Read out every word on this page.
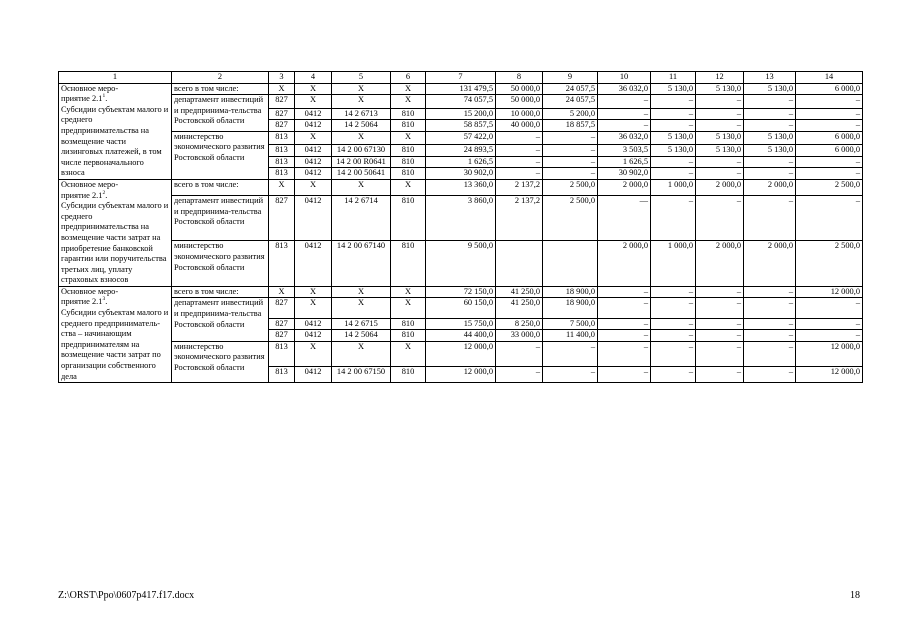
1	2	3	4	5	6	7	8	9	10	11	12	13	14
Основное меро-
приятие $2.1^1$.
Субсидии субъектам малого и среднего предпринимательства на возмещение части лизинговых платежей, в том числе первоначального взноса	всего в том числе:	X	X	X	X	131 479,5	50 000,0	24 057,5	36 032,0	5 130,0	5 130,0	5 130,0	6 000,0
	департамент инвестиций и предпринима-тельства Ростовской области	827	X	X	X	74 057,5	50 000,0	24 057,5	–	–	–	–	–
		827	0412	14 2 6713	810	15 200,0	10 000,0	5 200,0	–	–	–	–	–
		827	0412	14 2 5064	810	58 857,5	40 000,0	18 857,5	–	–	–	–	–
	министерство экономического развития Ростовской области	813	X	X	X	57 422,0	–	–	36 032,0	5 130,0	5 130,0	5 130,0	6 000,0
		813	0412	14 2 00 67130	810	24 893,5	–	–	3 503,5	5 130,0	5 130,0	5 130,0	6 000,0
		813	0412	14 2 00 R0641	810	1 626,5	–	–	1 626,5	–	–	–	–
		813	0412	14 2 00 50641	810	30 902,0	–	–	30 902,0	–	–	–	–
Основное меро-
приятие $2.1^2$.
Субсидии субъектам малого и среднего предпринимательства на возмещение части затрат на приобретение банковской гарантии или поручительства третьих лиц, уплату страховых взносов	всего в том числе:	X	X	X	X	13 360,0	2 137,2	2 500,0	2 000,0	1 000,0	2 000,0	2 000,0	2 500,0
	департамент инвестиций и предпринима-тельства Ростовской области	827	0412	14 2 6714	810	3 860,0	2 137,2	2 500,0	—	–	–	–	–
	министерство экономического развития Ростовской области	813	0412	14 2 00 67140	810	9 500,0			2 000,0	1 000,0	2 000,0	2 000,0	2 500,0
Основное меро-
приятие $2.1^3$.
Субсидии субъектам малого и среднего предприниматель-ства – начинающим предпринимателям на возмещение части затрат по организации собственного дела	всего в том числе:	X	X	X	X	72 150,0	41 250,0	18 900,0	–	–	–	–	12 000,0
	департамент инвестиций и предпринима-тельства Ростовской области	827	X	X	X	60 150,0	41 250,0	18 900,0	–	–	–	–	–
		827	0412	14 2 6715	810	15 750,0	8 250,0	7 500,0	–	–	–	–	–
		827	0412	14 2 5064	810	44 400,0	33 000,0	11 400,0	–	–	–	–	–
	министерство экономического развития Ростовской области	813	X	X	X	12 000,0	–	–	–	–	–	–	12 000,0
		813	0412	14 2 00 67150	810	12 000,0	–	–	–	–	–	–	12 000,0
Z:\ORST\Ppo\0607p417.f17.docx	18
